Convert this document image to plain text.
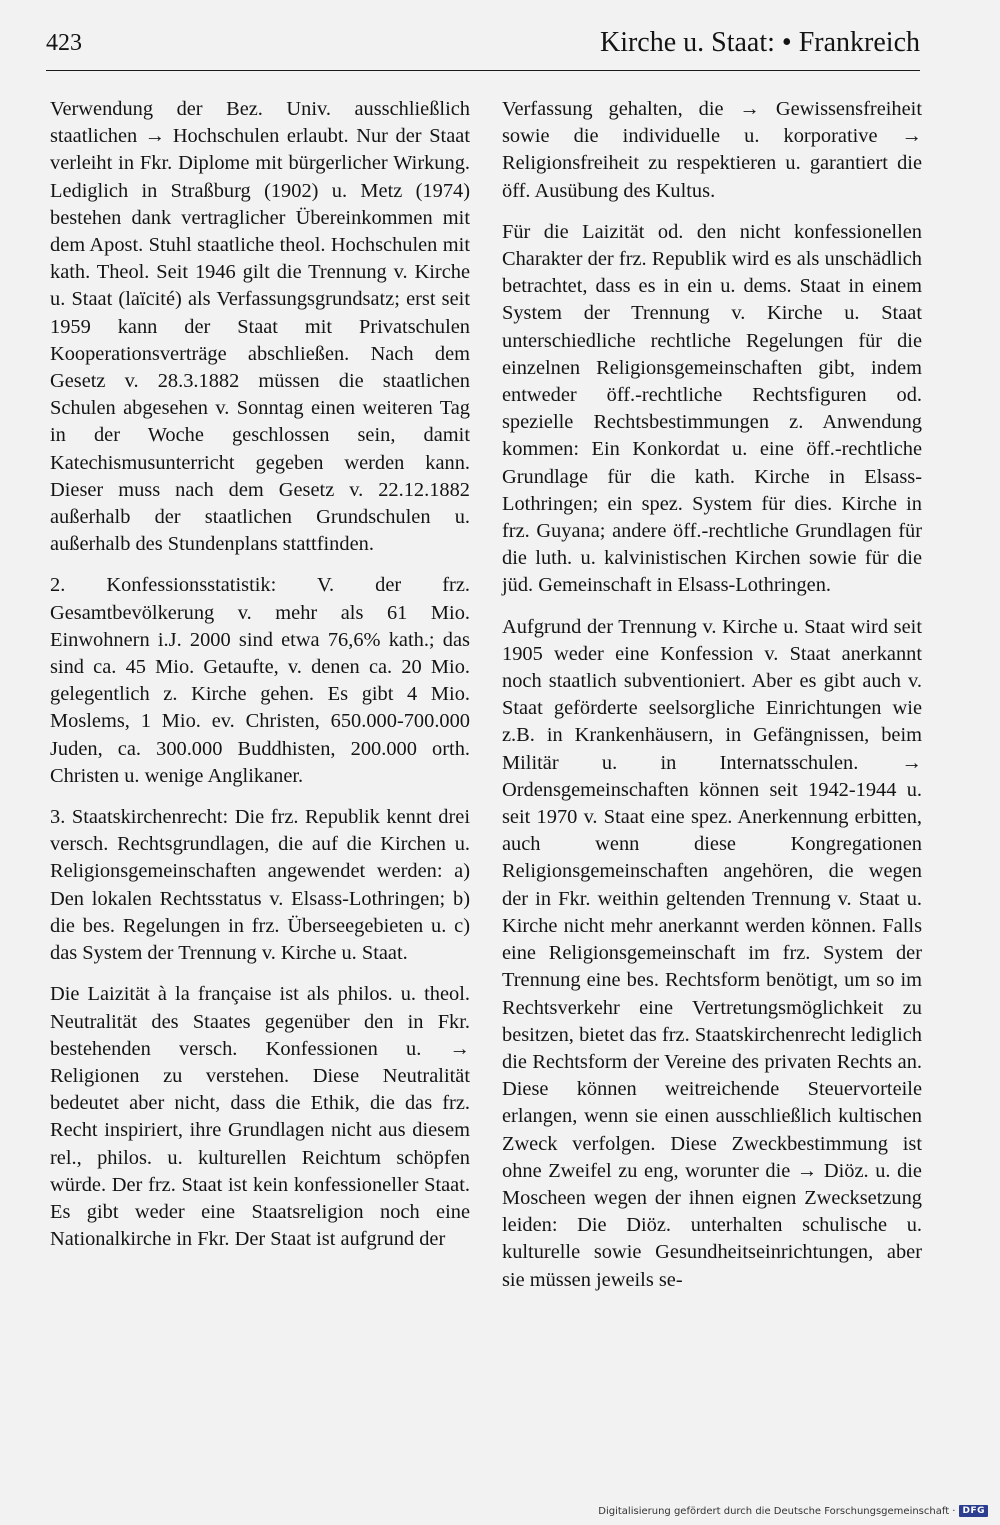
423	Kirche u. Staat: • Frankreich

Verwendung der Bez. Univ. ausschließlich staatlichen → Hochschulen erlaubt. Nur der Staat verleiht in Fkr. Diplome mit bürgerlicher Wirkung. Lediglich in Straßburg (1902) u. Metz (1974) bestehen dank vertraglicher Übereinkommen mit dem Apost. Stuhl staatliche theol. Hochschulen mit kath. Theol. Seit 1946 gilt die Trennung v. Kirche u. Staat (laïcité) als Verfassungsgrundsatz; erst seit 1959 kann der Staat mit Privatschulen Kooperationsverträge abschließen. Nach dem Gesetz v. 28.3.1882 müssen die staatlichen Schulen abgesehen v. Sonntag einen weiteren Tag in der Woche geschlossen sein, damit Katechismusunterricht gegeben werden kann. Dieser muss nach dem Gesetz v. 22.12.1882 außerhalb der staatlichen Grundschulen u. außerhalb des Stundenplans stattfinden.

2. Konfessionsstatistik: V. der frz. Gesamtbevölkerung v. mehr als 61 Mio. Einwohnern i.J. 2000 sind etwa 76,6% kath.; das sind ca. 45 Mio. Getaufte, v. denen ca. 20 Mio. gelegentlich z. Kirche gehen. Es gibt 4 Mio. Moslems, 1 Mio. ev. Christen, 650.000-700.000 Juden, ca. 300.000 Buddhisten, 200.000 orth. Christen u. wenige Anglikaner.

3. Staatskirchenrecht: Die frz. Republik kennt drei versch. Rechtsgrundlagen, die auf die Kirchen u. Religionsgemeinschaften angewendet werden: a) Den lokalen Rechtsstatus v. Elsass-Lothringen; b) die bes. Regelungen in frz. Überseegebieten u. c) das System der Trennung v. Kirche u. Staat.

Die Laizität à la française ist als philos. u. theol. Neutralität des Staates gegenüber den in Fkr. bestehenden versch. Konfessionen u. → Religionen zu verstehen. Diese Neutralität bedeutet aber nicht, dass die Ethik, die das frz. Recht inspiriert, ihre Grundlagen nicht aus diesem rel., philos. u. kulturellen Reichtum schöpfen würde. Der frz. Staat ist kein konfessioneller Staat. Es gibt weder eine Staatsreligion noch eine Nationalkirche in Fkr. Der Staat ist aufgrund der

Verfassung gehalten, die → Gewissensfreiheit sowie die individuelle u. korporative → Religionsfreiheit zu respektieren u. garantiert die öff. Ausübung des Kultus.

Für die Laizität od. den nicht konfessionellen Charakter der frz. Republik wird es als unschädlich betrachtet, dass es in ein u. dems. Staat in einem System der Trennung v. Kirche u. Staat unterschiedliche rechtliche Regelungen für die einzelnen Religionsgemeinschaften gibt, indem entweder öff.-rechtliche Rechtsfiguren od. spezielle Rechtsbestimmungen z. Anwendung kommen: Ein Konkordat u. eine öff.-rechtliche Grundlage für die kath. Kirche in Elsass-Lothringen; ein spez. System für dies. Kirche in frz. Guyana; andere öff.-rechtliche Grundlagen für die luth. u. kalvinistischen Kirchen sowie für die jüd. Gemeinschaft in Elsass-Lothringen.

Aufgrund der Trennung v. Kirche u. Staat wird seit 1905 weder eine Konfession v. Staat anerkannt noch staatlich subventioniert. Aber es gibt auch v. Staat geförderte seelsorgliche Einrichtungen wie z.B. in Krankenhäusern, in Gefängnissen, beim Militär u. in Internatsschulen. → Ordensgemeinschaften können seit 1942-1944 u. seit 1970 v. Staat eine spez. Anerkennung erbitten, auch wenn diese Kongregationen Religionsgemeinschaften angehören, die wegen der in Fkr. weithin geltenden Trennung v. Staat u. Kirche nicht mehr anerkannt werden können. Falls eine Religionsgemeinschaft im frz. System der Trennung eine bes. Rechtsform benötigt, um so im Rechtsverkehr eine Vertretungsmöglichkeit zu besitzen, bietet das frz. Staatskirchenrecht lediglich die Rechtsform der Vereine des privaten Rechts an. Diese können weitreichende Steuervorteile erlangen, wenn sie einen ausschließlich kultischen Zweck verfolgen. Diese Zweckbestimmung ist ohne Zweifel zu eng, worunter die → Diöz. u. die Moscheen wegen der ihnen eignen Zwecksetzung leiden: Die Diöz. unterhalten schulische u. kulturelle sowie Gesundheitseinrichtungen, aber sie müssen jeweils se-

Digitalisierung gefördert durch die Deutsche Forschungsgemeinschaft · DFG
